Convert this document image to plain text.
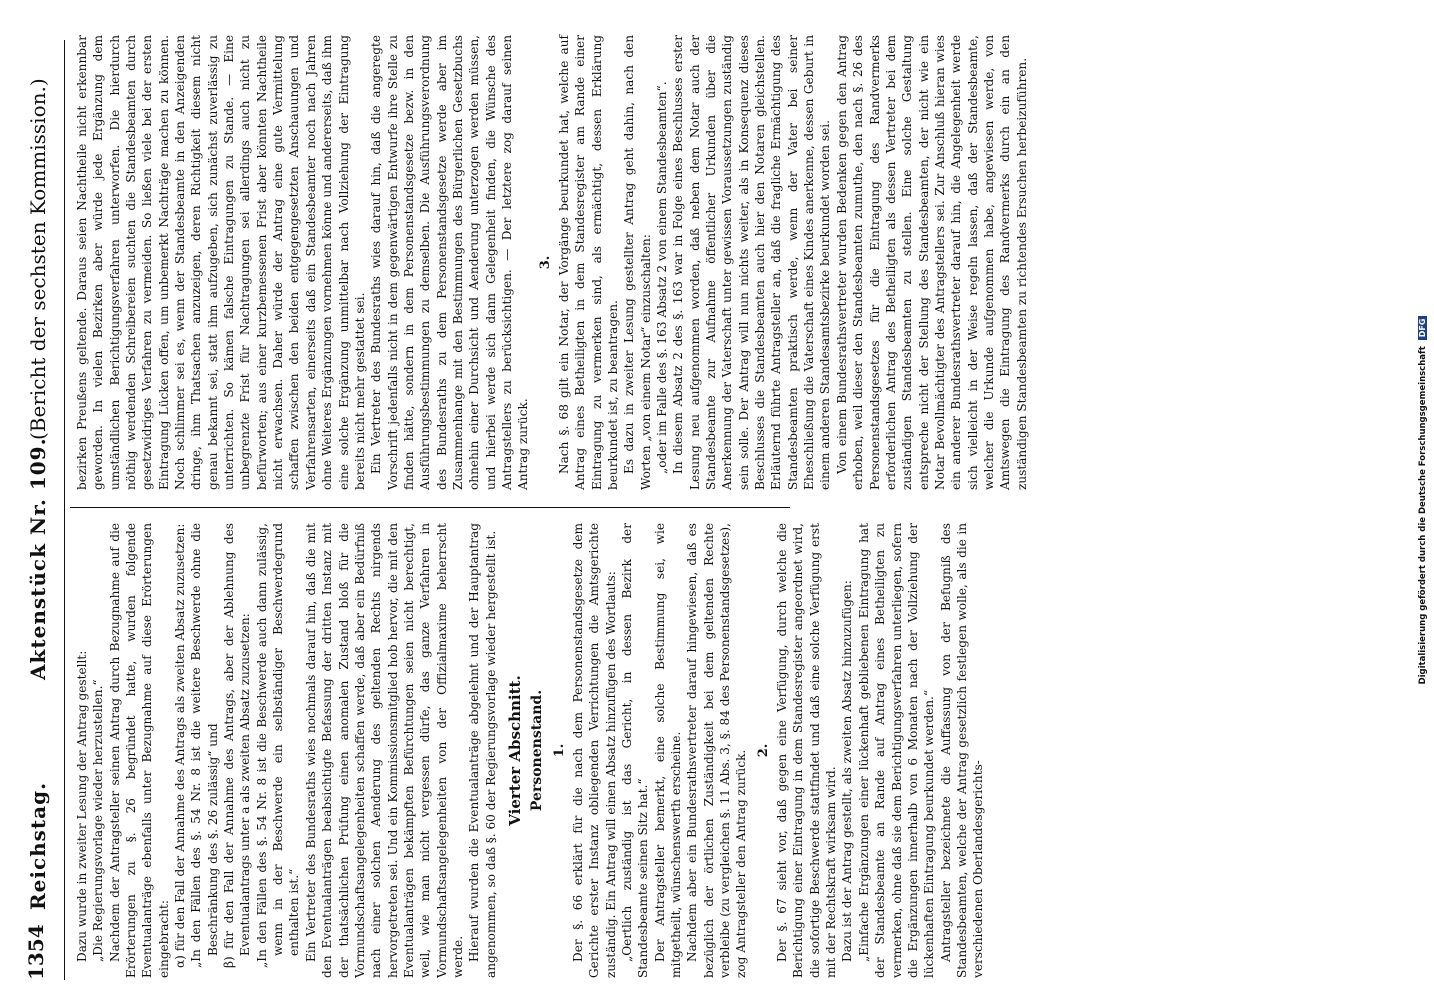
1354
Reichstag.
Aktenstück Nr. 109.
(Bericht der sechsten Kommission.)

Dazu wurde in zweiter Lesung der Antrag gestellt: „Die Regierungsvorlage wieder herzustellen.“ Nachdem der Antragsteller seinen Antrag durch Bezugnahme auf die Erörterungen zu §. 26 begründet hatte, wurden folgende Eventualanträge ebenfalls unter Bezugnahme auf diese Erörterungen eingebracht: α) für den Fall der Annahme des Antrags als zweiten Absatz zuzusetzen: „In den Fällen des §. 54 Nr. 8 ist die weitere Beschwerde ohne die Beschränkung des §. 26 zulässig“ und β) für den Fall der Annahme des Antrags, aber der Ablehnung des Eventualantrags unter a als zweiten Absatz zuzusetzen: „In den Fällen des §. 54 Nr. 8 ist die Beschwerde auch dann zulässig, wenn in der Beschwerde ein selbständiger Beschwerdegrund enthalten ist.“ Ein Vertreter des Bundesraths wies nochmals darauf hin, daß die mit den Eventualanträgen beabsichtigte Befassung der dritten Instanz mit der thatsächlichen Prüfung einen anomalen Zustand bloß für die Vormundschaftsangelegenheiten schaffen werde, daß aber ein Bedürfniß nach einer solchen Aenderung des geltenden Rechts nirgends hervorgetreten sei. Und ein Kommissionsmitglied hob hervor, die mit den Eventualanträgen bekämpften Befürchtungen seien nicht berechtigt, weil, wie man nicht vergessen dürfe, das ganze Verfahren in Vormundschaftsangelegenheiten von der Offizialmaxime beherrscht werde. Hierauf wurden die Eventualanträge abgelehnt und der Hauptantrag angenommen, so daß §. 60 der Regierungsvorlage wieder hergestellt ist. Vierter Abschnitt. Personenstand. 1. Der §. 66 erklärt für die nach dem Personenstandsgesetze dem Gerichte erster Instanz obliegenden Verrichtungen die Amtsgerichte zuständig. Ein Antrag will einen Absatz hinzufügen des Wortlauts: „Oertlich zuständig ist das Gericht, in dessen Bezirk der Standesbeamte seinen Sitz hat.“ Der Antragsteller bemerkt, eine solche Bestimmung sei, wie mitgetheilt, wünschenswerth erscheine. Nachdem aber ein Bundesrathsvertreter darauf hingewiesen, daß es bezüglich der örtlichen Zuständigkeit bei dem geltenden Rechte verbleibe (zu vergleichen §. 11 Abs. 3, §. 84 des Personenstandsgesetzes), zog Antragsteller den Antrag zurück. 2. Der §. 67 sieht vor, daß gegen eine Verfügung, durch welche die Berichtigung einer Eintragung in dem Standesregister angeordnet wird, die sofortige Beschwerde stattfindet und daß eine solche Verfügung erst mit der Rechtskraft wirksam wird. Dazu ist der Antrag gestellt, als zweiten Absatz hinzuzufügen: „Einfache Ergänzungen einer lückenhaft gebliebenen Eintragung hat der Standesbeamte an Rande auf Antrag eines Betheiligten zu vermerken, ohne daß sie dem Berichtigungsverfahren unterliegen, sofern die Ergänzungen innerhalb von 6 Monaten nach der Vollziehung der lückenhaften Eintragung beurkundet werden.“ Antragsteller bezeichnete die Auffassung von der Befugniß des Standesbeamten, welche der Antrag gesetzlich festlegen wolle, als die in verschiedenen Oberlandesgerichts-

bezirken Preußens geltende. Daraus seien Nachtheile nicht erkennbar geworden. In vielen Bezirken aber würde jede Ergänzung dem umständlichen Berichtigungsverfahren unterworfen. Die hierdurch nöthig werdenden Schreibereien suchten die Standesbeamten durch gesetzwidriges Verfahren zu vermeiden. So ließen viele bei der ersten Eintragung Lücken offen, um unbemerkt Nachträge machen zu können. Noch schlimmer sei es, wenn der Standesbeamte in den Anzeigenden dringe, ihm Thatsachen anzuzeigen, deren Richtigkeit diesem nicht genau bekannt sei, statt ihm aufzugeben, sich zunächst zuverlässig zu unterrichten. So kämen falsche Eintragungen zu Stande. — Eine unbegrenzte Frist für Nachtragungen sei allerdings auch nicht zu befürworten; aus einer kurzbemessenen Frist aber könnten Nachtheile nicht erwachsen. Daher würde der Antrag eine gute Vermittelung schaffen zwischen den beiden entgegengesetzten Anschauungen und Verfahrensarten, einerseits daß ein Standesbeamter noch nach Jahren ohne Weiteres Ergänzungen vornehmen könne und andererseits, daß ihm eine solche Ergänzung unmittelbar nach Vollziehung der Eintragung bereits nicht mehr gestattet sei. Ein Vertreter des Bundesraths wies darauf hin, daß die angeregte Vorschrift jedenfalls nicht in dem gegenwärtigen Entwurfe ihre Stelle zu finden hätte, sondern in dem Personenstandsgesetze bezw. in den Ausführungsbestimmungen zu demselben. Die Ausführungsverordnung des Bundesraths zu dem Personenstandsgesetze werde aber im Zusammenhange mit den Bestimmungen des Bürgerlichen Gesetzbuchs ohnehin einer Durchsicht und Aenderung unterzogen werden müssen, und hierbei werde sich dann Gelegenheit finden, die Wünsche des Antragstellers zu berücksichtigen. — Der letztere zog darauf seinen Antrag zurück.

3. Nach §. 68 gilt ein Notar, der Vorgänge beurkundet hat, welche auf Antrag eines Betheiligten in dem Standesregister am Rande einer Eintragung zu vermerken sind, als ermächtigt, dessen Erklärung beurkundet ist, zu beantragen. Es dazu in zweiter Lesung gestellter Antrag geht dahin, nach den Worten „von einem Notar“ einzuschalten: „oder im Falle des §. 163 Absatz 2 von einem Standesbeamten“. In diesem Absatz 2 des §. 163 war in Folge eines Beschlusses erster Lesung neu aufgenommen worden, daß neben dem Notar auch der Standesbeamte zur Aufnahme öffentlicher Urkunden über die Anerkennung der Vaterschaft unter gewissen Voraussetzungen zuständig sein solle. Der Antrag will nun nichts weiter, als in Konsequenz dieses Beschlusses die Standesbeamten auch hier den Notaren gleichstellen. Erläuternd führte Antragsteller an, daß die fragliche Ermächtigung des Standesbeamten praktisch werde, wenn der Vater bei seiner Eheschließung die Vaterschaft eines Kindes anerkenne, dessen Geburt in einem anderen Standesamtsbezirke beurkundet worden sei. Von einem Bundesrathsvertreter wurden Bedenken gegen den Antrag erhoben, weil dieser den Standesbeamten zumuthe, den nach §. 26 des Personenstandsgesetzes für die Eintragung des Randvermerks erforderlichen Antrag des Betheiligten als dessen Vertreter bei dem zuständigen Standesbeamten zu stellen. Eine solche Gestaltung entspreche nicht der Stellung des Standesbeamten, der nicht wie ein Notar Bevollmächtigter des Antragstellers sei. Zur Anschluß hieran wies ein anderer Bundesrathsvertreter darauf hin, die Angelegenheit werde sich vielleicht in der Weise regeln lassen, daß der Standesbeamte, welcher die Urkunde aufgenommen habe, angewiesen werde, von Amtswegen die Eintragung des Randvermerks durch ein an den zuständigen Standesbeamten zu richtendes Ersuchen herbeizuführen.

Digitalisierung gefördert durch die Deutsche Forschungsgemeinschaft DFG
